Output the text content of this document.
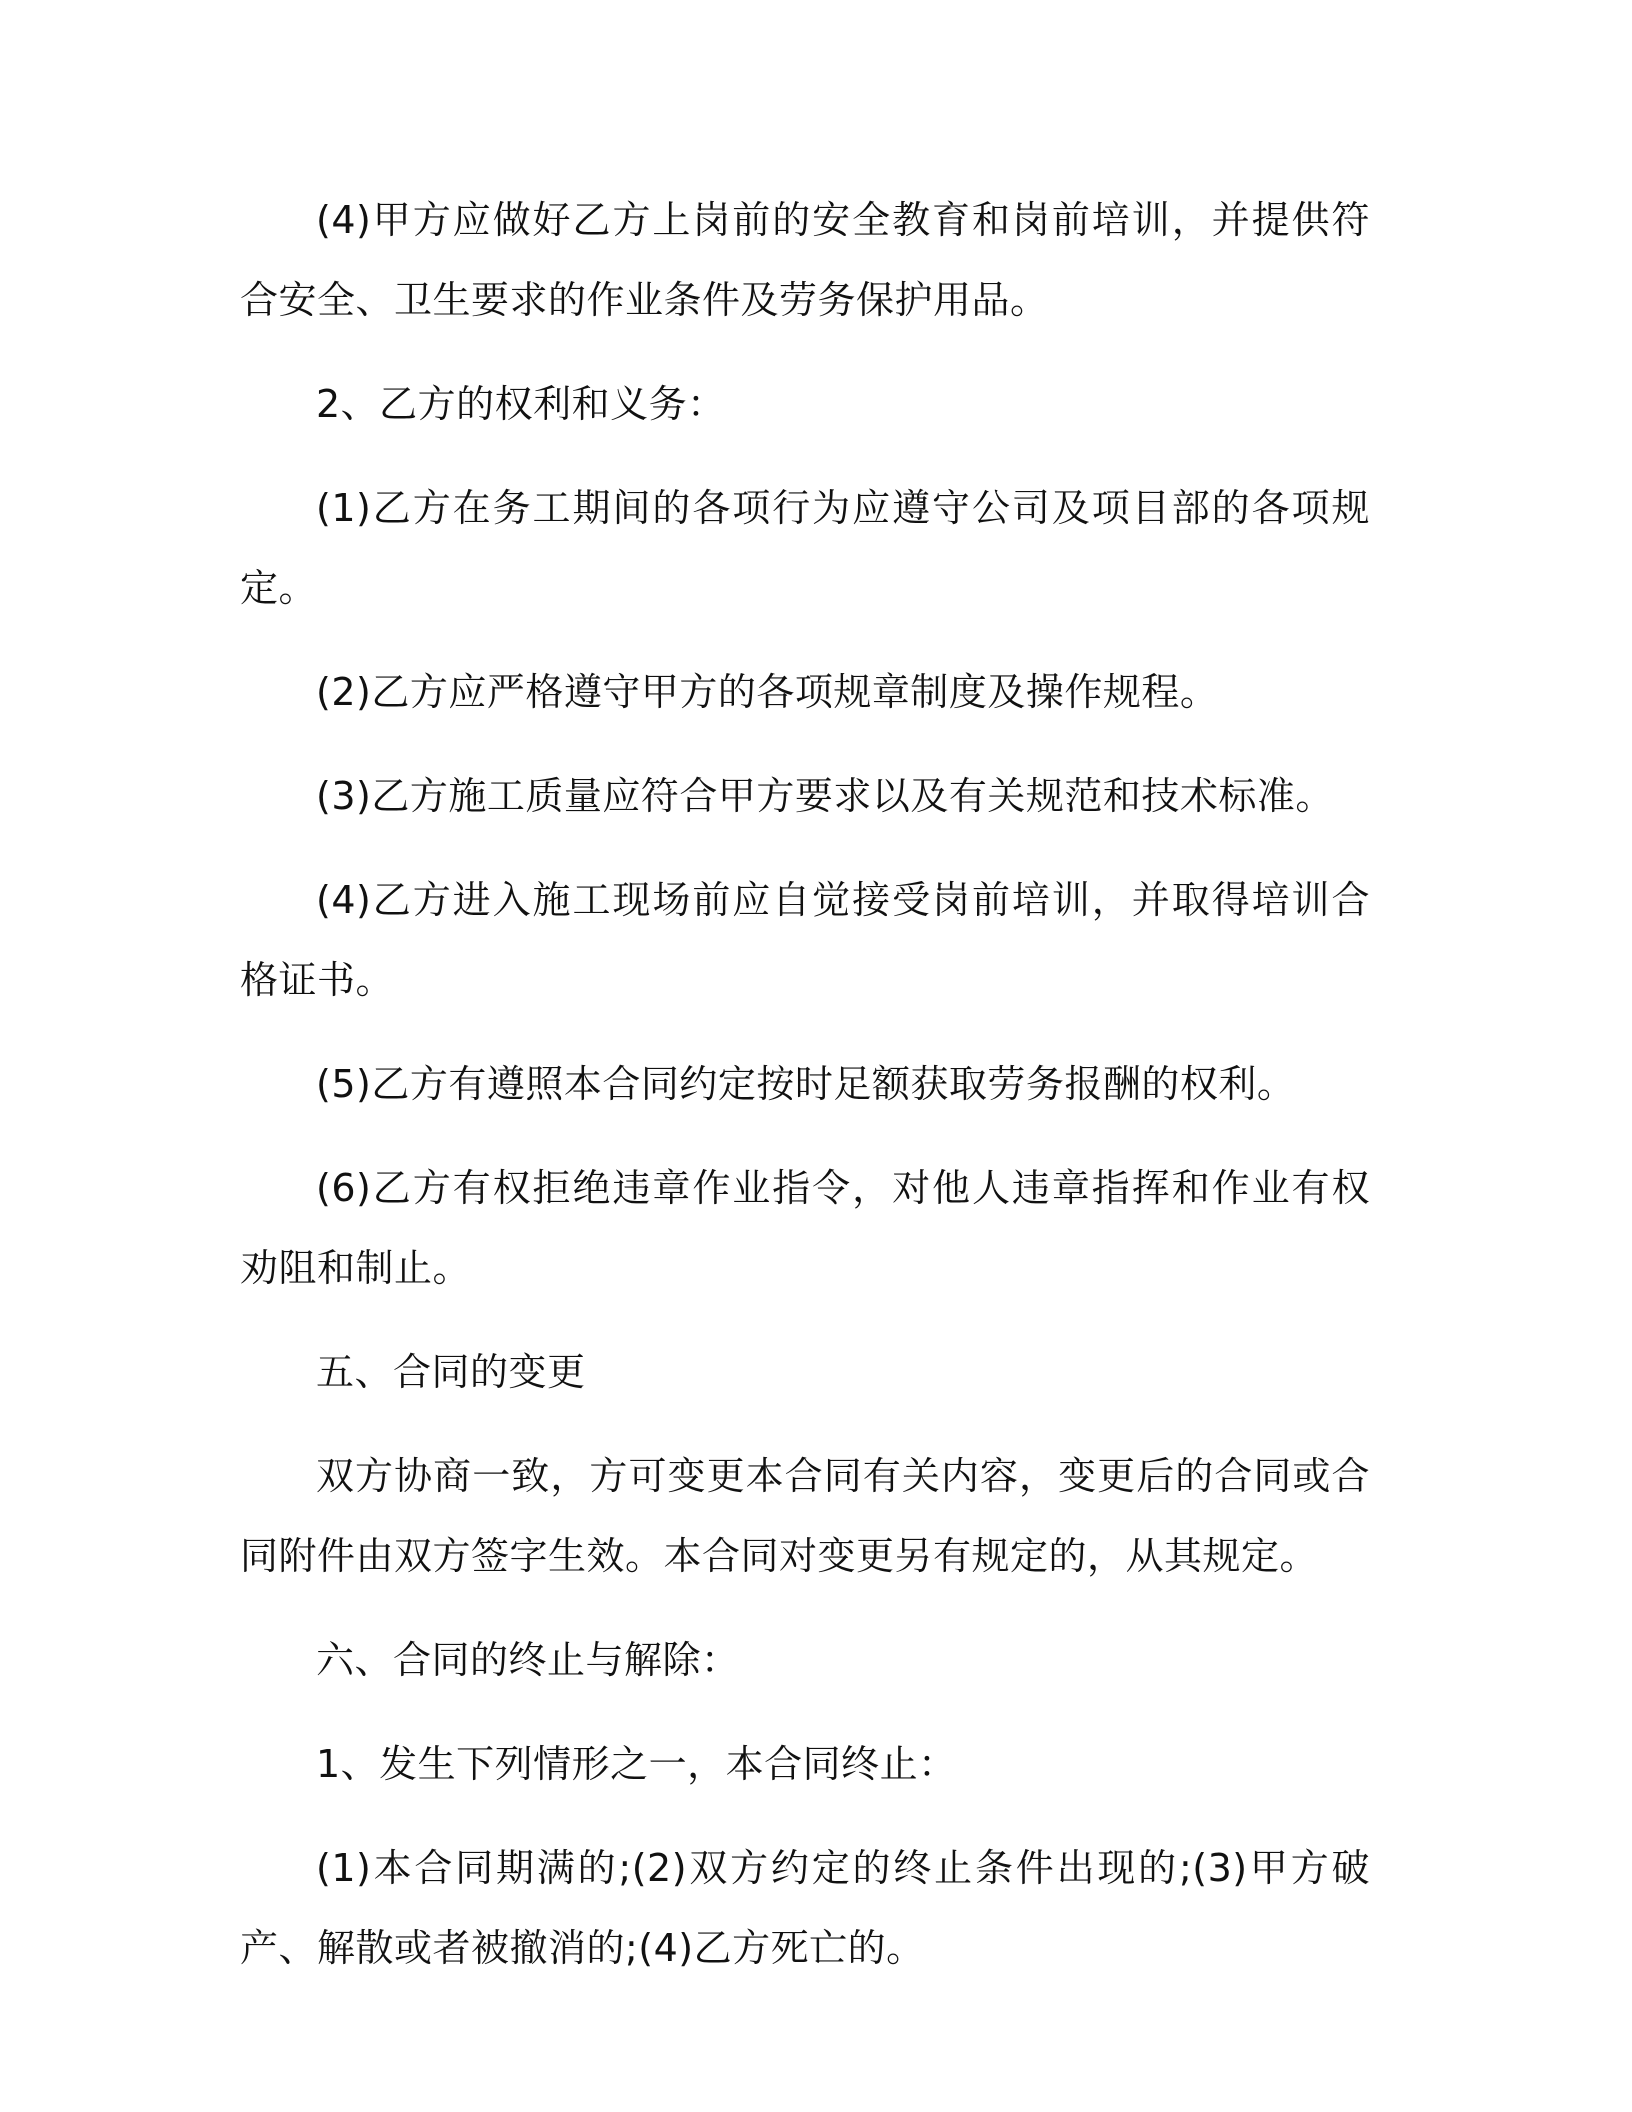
(4)甲方应做好乙方上岗前的安全教育和岗前培训，并提供符合安全、卫生要求的作业条件及劳务保护用品。

2、乙方的权利和义务：

(1)乙方在务工期间的各项行为应遵守公司及项目部的各项规定。

(2)乙方应严格遵守甲方的各项规章制度及操作规程。

(3)乙方施工质量应符合甲方要求以及有关规范和技术标准。

(4)乙方进入施工现场前应自觉接受岗前培训，并取得培训合格证书。

(5)乙方有遵照本合同约定按时足额获取劳务报酬的权利。

(6)乙方有权拒绝违章作业指令，对他人违章指挥和作业有权劝阻和制止。

五、合同的变更

双方协商一致，方可变更本合同有关内容，变更后的合同或合同附件由双方签字生效。本合同对变更另有规定的，从其规定。

六、合同的终止与解除：

1、发生下列情形之一，本合同终止：

(1)本合同期满的;(2)双方约定的终止条件出现的;(3)甲方破产、解散或者被撤消的;(4)乙方死亡的。
